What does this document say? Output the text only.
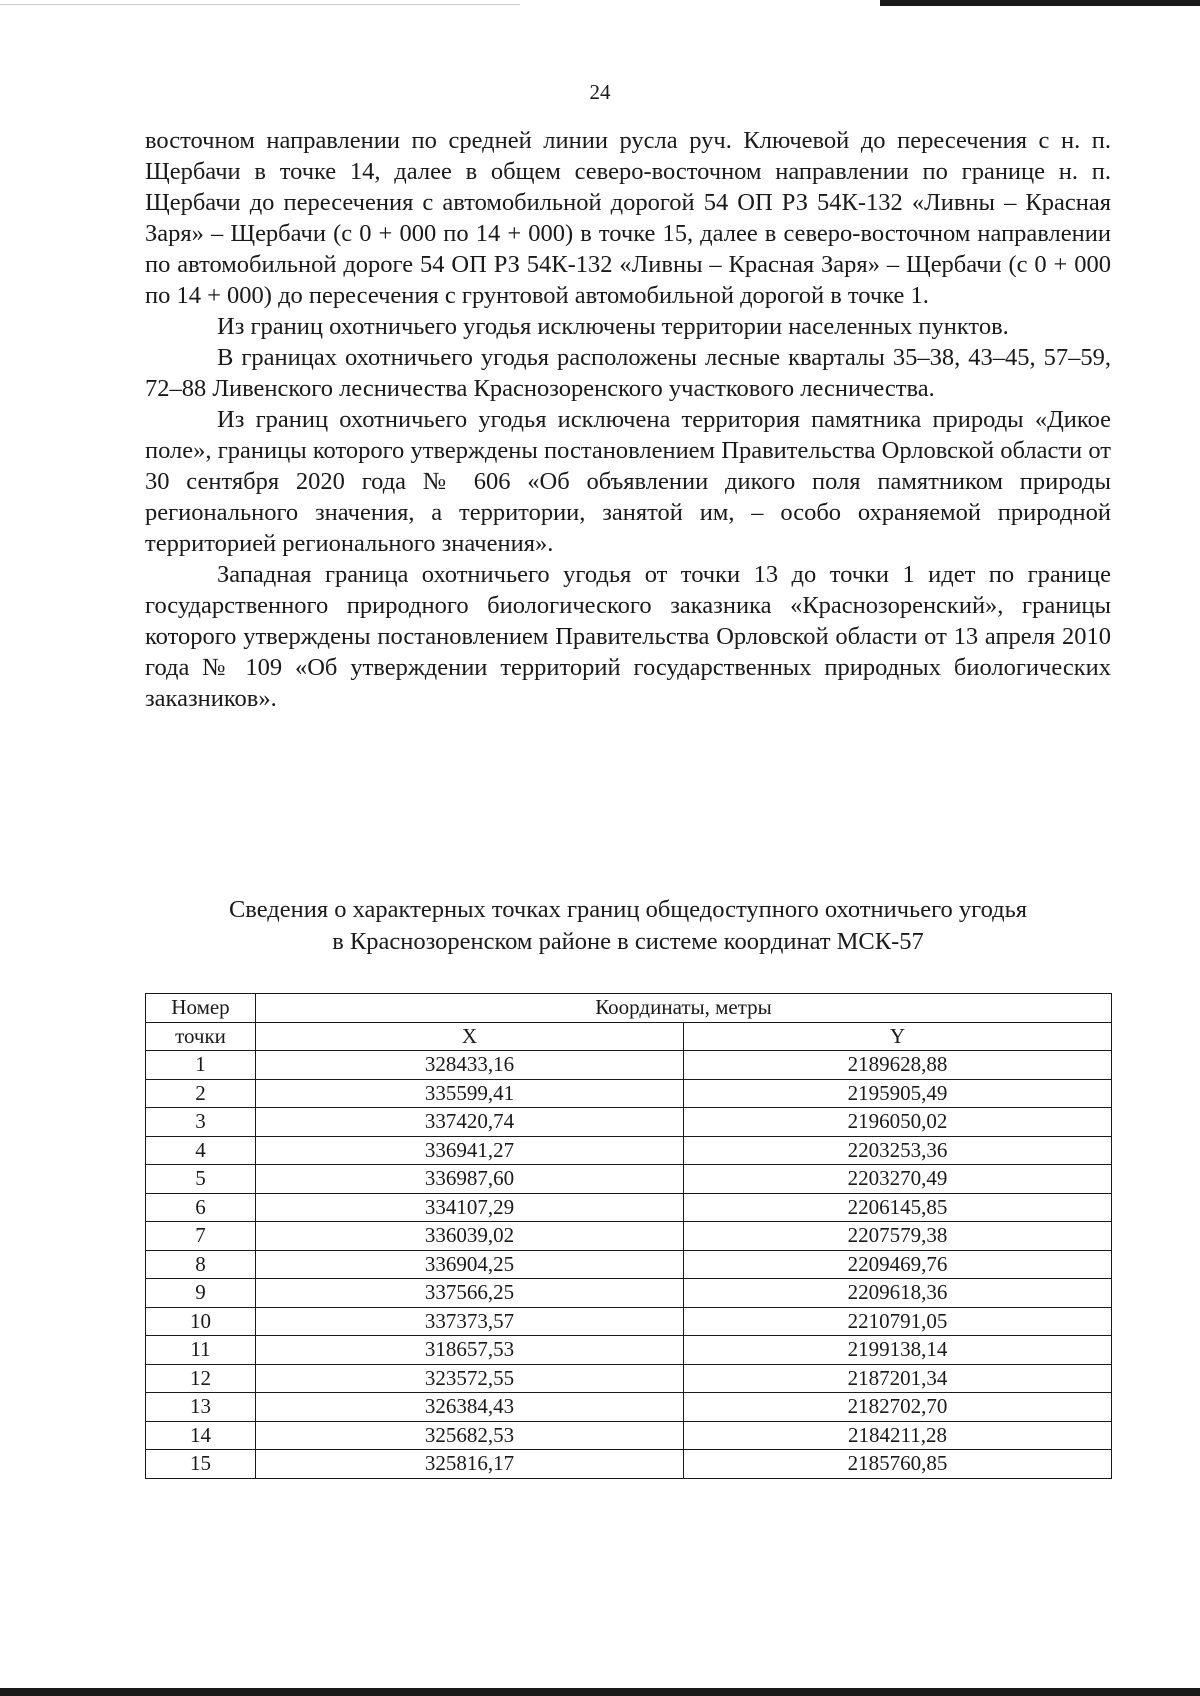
24

восточном направлении по средней линии русла руч. Ключевой до пересечения с н. п. Щербачи в точке 14, далее в общем северо-восточном направлении по границе н. п. Щербачи до пересечения с автомобильной дорогой 54 ОП РЗ 54К-132 «Ливны – Красная Заря» – Щербачи (с 0 + 000 по 14 + 000) в точке 15, далее в северо-восточном направлении по автомобильной дороге 54 ОП РЗ 54К-132 «Ливны – Красная Заря» – Щербачи (с 0 + 000 по 14 + 000) до пересечения с грунтовой автомобильной дорогой в точке 1.

Из границ охотничьего угодья исключены территории населенных пунктов.

В границах охотничьего угодья расположены лесные кварталы 35–38, 43–45, 57–59, 72–88 Ливенского лесничества Краснозоренского участкового лесничества.

Из границ охотничьего угодья исключена территория памятника природы «Дикое поле», границы которого утверждены постановлением Правительства Орловской области от 30 сентября 2020 года № 606 «Об объявлении дикого поля памятником природы регионального значения, а территории, занятой им, – особо охраняемой природной территорией регионального значения».

Западная граница охотничьего угодья от точки 13 до точки 1 идет по границе государственного природного биологического заказника «Краснозоренский», границы которого утверждены постановлением Правительства Орловской области от 13 апреля 2010 года № 109 «Об утверждении территорий государственных природных биологических заказников».

Сведения о характерных точках границ общедоступного охотничьего угодья
в Краснозоренском районе в системе координат МСК-57
Номер	Координаты, метры	
точки	X	Y
1	328433,16	2189628,88
2	335599,41	2195905,49
3	337420,74	2196050,02
4	336941,27	2203253,36
5	336987,60	2203270,49
6	334107,29	2206145,85
7	336039,02	2207579,38
8	336904,25	2209469,76
9	337566,25	2209618,36
10	337373,57	2210791,05
11	318657,53	2199138,14
12	323572,55	2187201,34
13	326384,43	2182702,70
14	325682,53	2184211,28
15	325816,17	2185760,85
